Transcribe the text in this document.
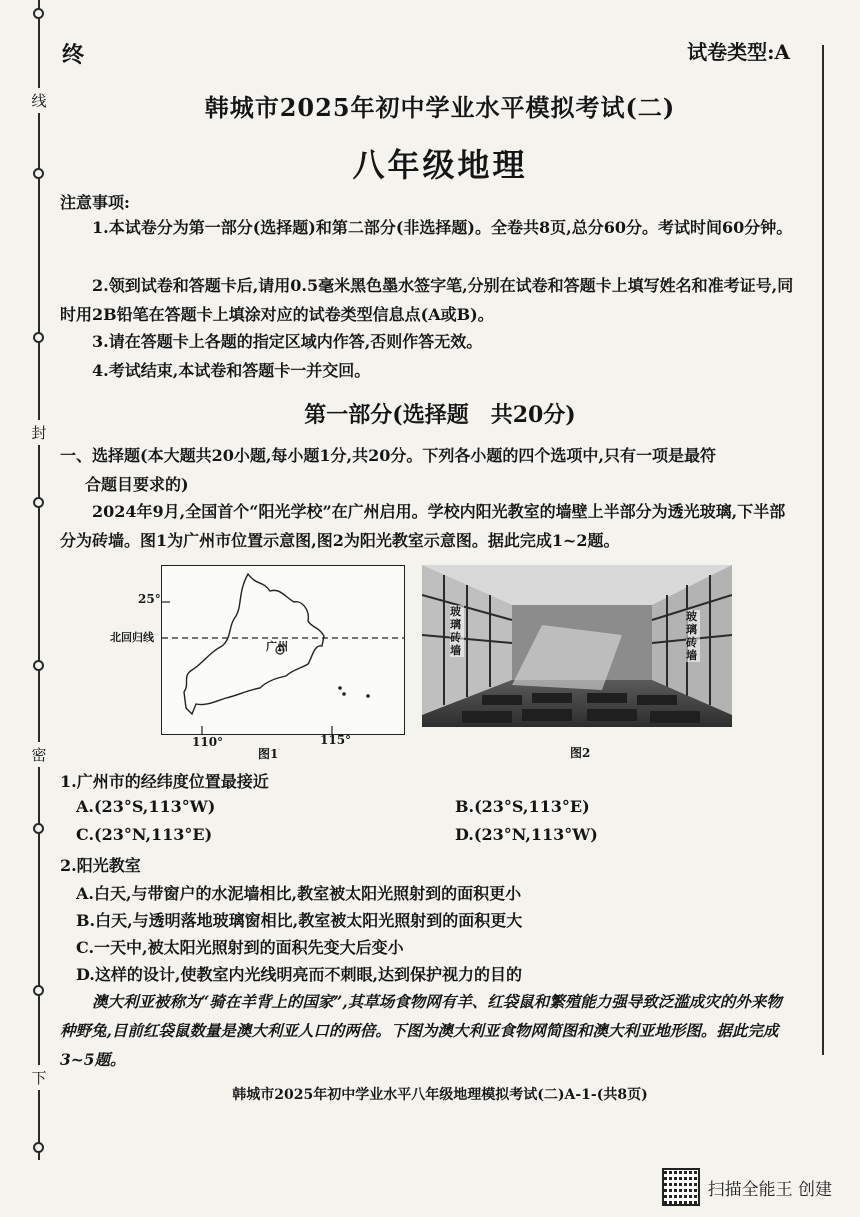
线
封
密
下
终	试卷类型:A
韩城市2025年初中学业水平模拟考试(二)
八年级地理
注意事项:
1.本试卷分为第一部分(选择题)和第二部分(非选择题)。全卷共8页,总分60分。考试时间60分钟。
2.领到试卷和答题卡后,请用0.5毫米黑色墨水签字笔,分别在试卷和答题卡上填写姓名和准考证号,同时用2B铅笔在答题卡上填涂对应的试卷类型信息点(A或B)。
3.请在答题卡上各题的指定区域内作答,否则作答无效。
4.考试结束,本试卷和答题卡一并交回。
第一部分(选择题　共20分)
一、选择题(本大题共20小题,每小题1分,共20分。下列各小题的四个选项中,只有一项是最符
合题目要求的)
2024年9月,全国首个“阳光学校”在广州启用。学校内阳光教室的墙壁上半部分为透光玻璃,下半部分为砖墙。图1为广州市位置示意图,图2为阳光教室示意图。据此完成1~2题。
广州
25°
北回归线
110°	115°
图1
玻璃砖墙
玻璃砖墙
图2
1.广州市的经纬度位置最接近
A.(23°S,113°W)	B.(23°S,113°E)
C.(23°N,113°E)	D.(23°N,113°W)
2.阳光教室
A.白天,与带窗户的水泥墙相比,教室被太阳光照射到的面积更小
B.白天,与透明落地玻璃窗相比,教室被太阳光照射到的面积更大
C.一天中,被太阳光照射到的面积先变大后变小
D.这样的设计,使教室内光线明亮而不刺眼,达到保护视力的目的
澳大利亚被称为“骑在羊背上的国家”,其草场食物网有羊、红袋鼠和繁殖能力强导致泛滥成灾的外来物种野兔,目前红袋鼠数量是澳大利亚人口的两倍。下图为澳大利亚食物网简图和澳大利亚地形图。据此完成3~5题。
韩城市2025年初中学业水平八年级地理模拟考试(二)A-1-(共8页)
扫描全能王 创建
